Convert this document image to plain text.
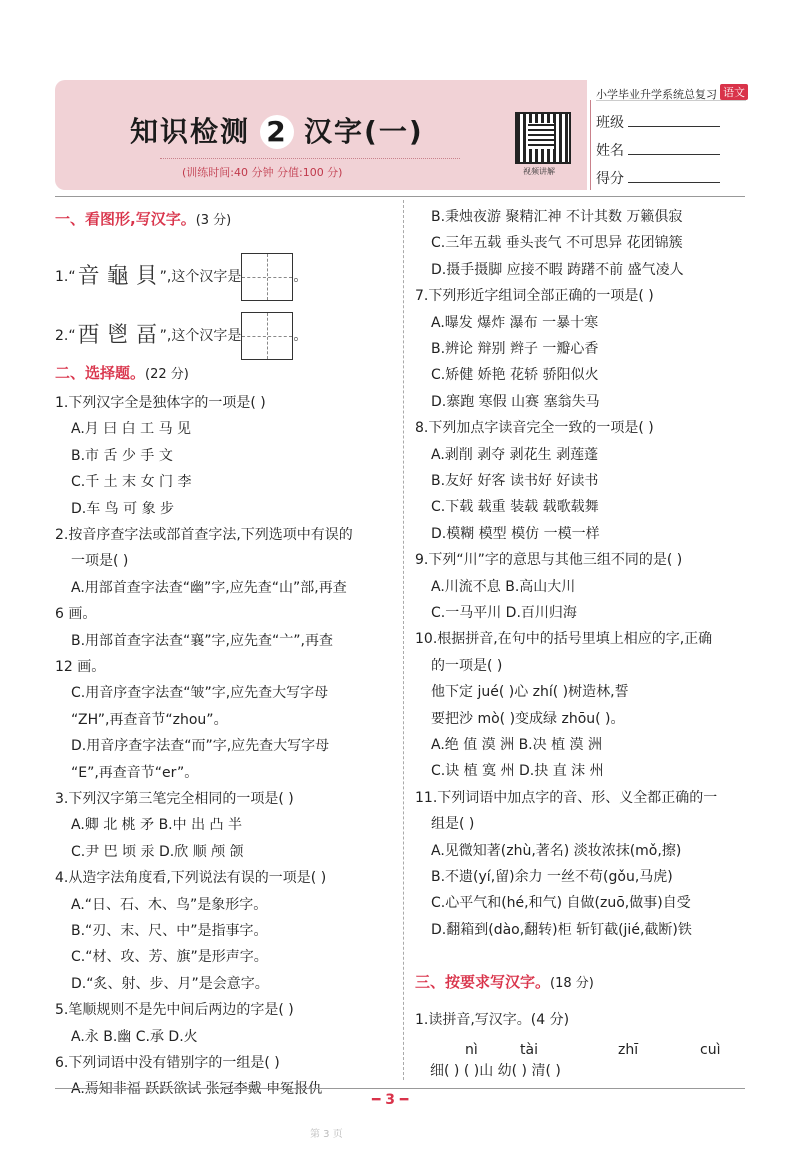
知识检测 2 汉字(一)
(训练时间:40 分钟 分值:100 分)	视频讲解
小学毕业升学系统总复习 语文
班级
姓名
得分
一、看图形,写汉字。(3 分)
1.“⾳ 龜 貝 ”,这个汉字是	。
2.“酉 鬯 畐 ”,这个汉字是	。
二、选择题。(22 分)
1.下列汉字全是独体字的一项是( )
A.月 曰 白 工 马 见
B.市 舌 少 手 文
C.千 土 末 女 门 李
D.车 鸟 可 象 步
2.按音序查字法或部首查字法,下列选项中有误的
一项是( )
A.用部首查字法查“幽”字,应先查“山”部,再查
6 画。
B.用部首查字法查“襄”字,应先查“亠”,再查
12 画。
C.用音序查字法查“皱”字,应先查大写字母
“ZH”,再查音节“zhou”。
D.用音序查字法查“而”字,应先查大写字母
“E”,再查音节“er”。
3.下列汉字第三笔完全相同的一项是( )
A.卿 北 桃 矛 B.中 出 凸 半
C.尹 巴 顷 汞 D.欣 顺 颅 颌
4.从造字法角度看,下列说法有误的一项是( )
A.“日、石、木、鸟”是象形字。
B.“刃、末、尺、中”是指事字。
C.“材、攻、芳、旗”是形声字。
D.“炙、射、步、月”是会意字。
5.笔顺规则不是先中间后两边的字是( )
A.永 B.幽 C.承 D.火
6.下列词语中没有错别字的一组是( )
A.焉知非福 跃跃欲试 张冠李戴 申冤报仇
B.秉烛夜游 聚精汇神 不计其数 万籁俱寂
C.三年五载 垂头丧气 不可思异 花团锦簇
D.摄手摄脚 应接不暇 踌躇不前 盛气凌人
7.下列形近字组词全部正确的一项是( )
A.曝发 爆炸 瀑布 一暴十寒
B.辨论 辩别 辫子 一瓣心香
C.矫健 娇艳 花轿 骄阳似火
D.寨跑 寒假 山赛 塞翁失马
8.下列加点字读音完全一致的一项是( )
A.剥削 剥夺 剥花生 剥莲蓬
B.友好 好客 读书好 好读书
C.下载 载重 装载 载歌载舞
D.模糊 模型 模仿 一模一样
9.下列“川”字的意思与其他三组不同的是( )
A.川流不息 B.高山大川
C.一马平川 D.百川归海
10.根据拼音,在句中的括号里填上相应的字,正确
的一项是( )
他下定 jué( )心 zhí( )树造林,誓
要把沙 mò( )变成绿 zhōu( )。
A.绝 值 漠 洲 B.决 植 漠 洲
C.诀 植 寞 州 D.抉 直 沫 州
11.下列词语中加点字的音、形、义全都正确的一
组是( )
A.见微知著(zhù,著名) 淡妆浓抹(mǒ,擦)
B.不遗(yí,留)余力 一丝不苟(gǒu,马虎)
C.心平气和(hé,和气) 自做(zuō,做事)自受
D.翻箱到(dào,翻转)柜 斩钉截(jié,截断)铁
三、按要求写汉字。(18 分)
1.读拼音,写汉字。(4 分)
nì	tài	zhī	cuì
细( ) ( )山 幼( ) 清( )
━ 3 ━
第 3 页
